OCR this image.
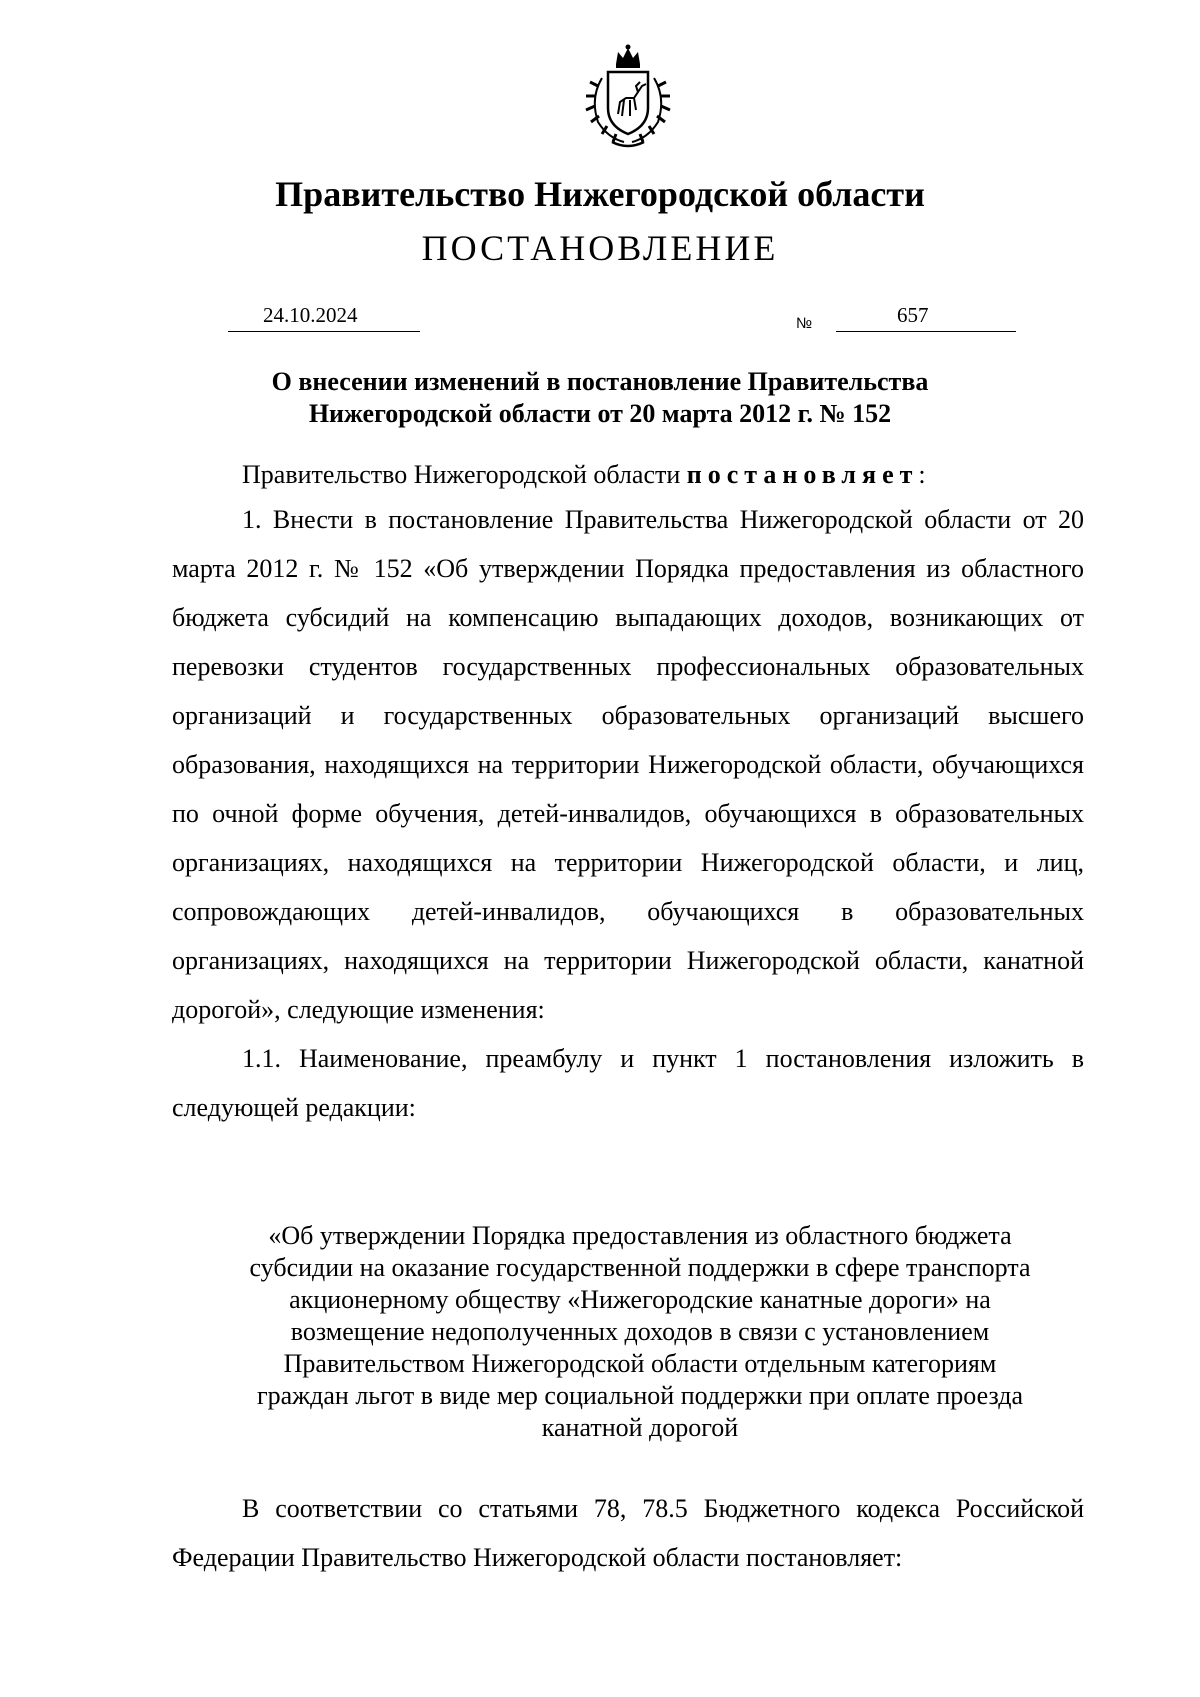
Правительство Нижегородской области
ПОСТАНОВЛЕНИЕ
24.10.2024	№	657
О внесении изменений в постановление Правительства
Нижегородской области от 20 марта 2012 г. № 152

Правительство Нижегородской области постановляет:

1. Внести в постановление Правительства Нижегородской области от 20 марта 2012 г. № 152 «Об утверждении Порядка предоставления из областного бюджета субсидий на компенсацию выпадающих доходов, возникающих от перевозки студентов государственных профессиональных образовательных организаций и государственных образовательных организаций высшего образования, находящихся на территории Нижегородской области, обучающихся по очной форме обучения, детей-инвалидов, обучающихся в образовательных организациях, находящихся на территории Нижегородской области, и лиц, сопровождающих детей-инвалидов, обучающихся в образовательных организациях, находящихся на территории Нижегородской области, канатной дорогой», следующие изменения:

1.1. Наименование, преамбулу и пункт 1 постановления изложить в следующей редакции:

«Об утверждении Порядка предоставления из областного бюджета
субсидии на оказание государственной поддержки в сфере транспорта
акционерному обществу «Нижегородские канатные дороги» на
возмещение недополученных доходов в связи с установлением
Правительством Нижегородской области отдельным категориям
граждан льгот в виде мер социальной поддержки при оплате проезда
канатной дорогой

В соответствии со статьями 78, 78.5 Бюджетного кодекса Российской Федерации Правительство Нижегородской области постановляет:
